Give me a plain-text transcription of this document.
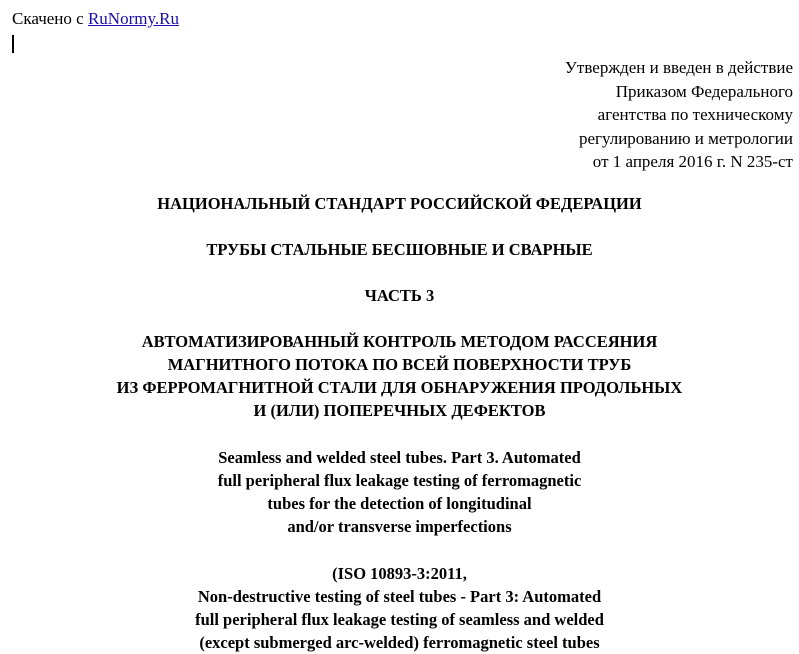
Скачено с RuNormy.Ru
Утвержден и введен в действие
Приказом Федерального
агентства по техническому
регулированию и метрологии
от 1 апреля 2016 г. N 235-ст
НАЦИОНАЛЬНЫЙ СТАНДАРТ РОССИЙСКОЙ ФЕДЕРАЦИИ
ТРУБЫ СТАЛЬНЫЕ БЕСШОВНЫЕ И СВАРНЫЕ
ЧАСТЬ 3
АВТОМАТИЗИРОВАННЫЙ КОНТРОЛЬ МЕТОДОМ РАССЕЯНИЯ
МАГНИТНОГО ПОТОКА ПО ВСЕЙ ПОВЕРХНОСТИ ТРУБ
ИЗ ФЕРРОМАГНИТНОЙ СТАЛИ ДЛЯ ОБНАРУЖЕНИЯ ПРОДОЛЬНЫХ
И (ИЛИ) ПОПЕРЕЧНЫХ ДЕФЕКТОВ
Seamless and welded steel tubes. Part 3. Automated
full peripheral flux leakage testing of ferromagnetic
tubes for the detection of longitudinal
and/or transverse imperfections
(ISO 10893-3:2011,
Non-destructive testing of steel tubes - Part 3: Automated
full peripheral flux leakage testing of seamless and welded
(except submerged arc-welded) ferromagnetic steel tubes
